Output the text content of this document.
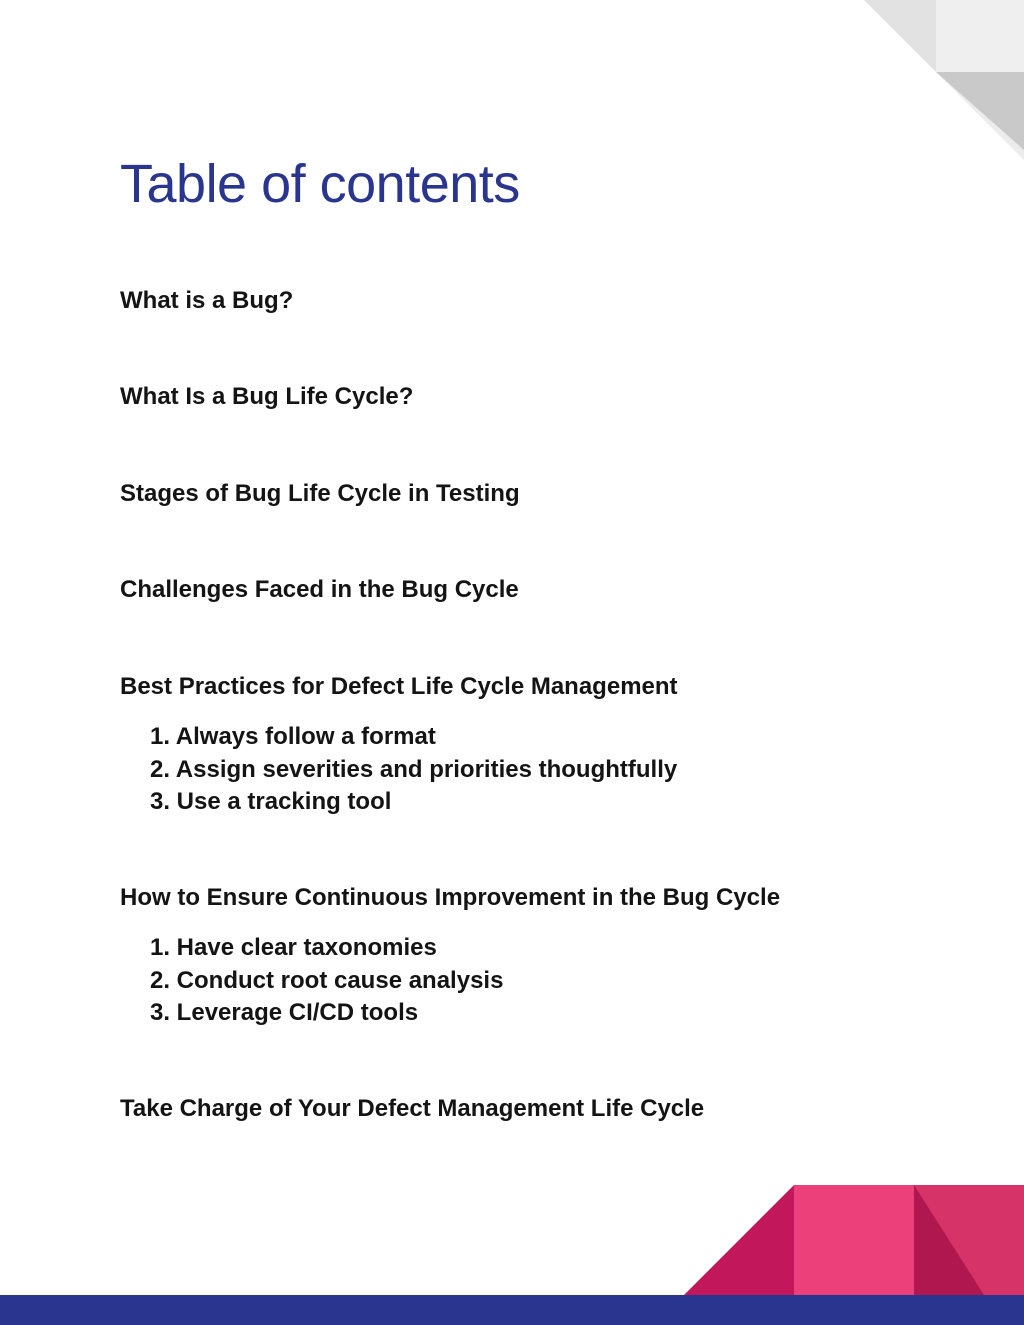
Table of contents

What is a Bug?

What Is a Bug Life Cycle?

Stages of Bug Life Cycle in Testing

Challenges Faced in the Bug Cycle

Best Practices for Defect Life Cycle Management

1. Always follow a format
2. Assign severities and priorities thoughtfully
3. Use a tracking tool

How to Ensure Continuous Improvement in the Bug Cycle

1. Have clear taxonomies
2. Conduct root cause analysis
3. Leverage CI/CD tools

Take Charge of Your Defect Management Life Cycle
